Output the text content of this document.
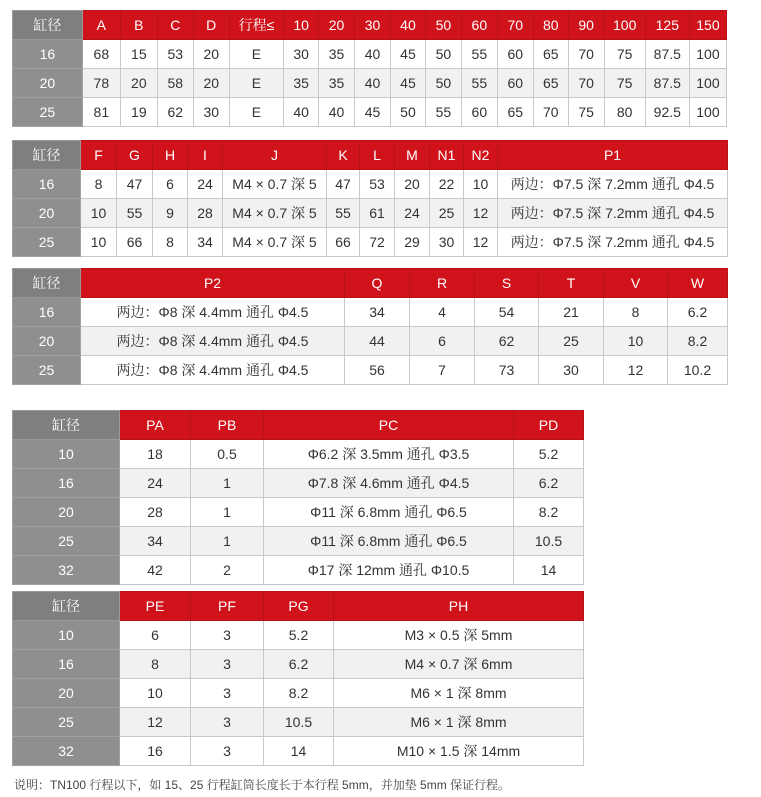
缸径	A	B	C	D	行程≤	10	20	30	40	50	60	70	80	90	100	125	150
16	68	15	53	20	E	30	35	40	45	50	55	60	65	70	75	87.5	100
20	78	20	58	20	E	35	35	40	45	50	55	60	65	70	75	87.5	100
25	81	19	62	30	E	40	40	45	50	55	60	65	70	75	80	92.5	100
缸径	F	G	H	I	J	K	L	M	N1	N2	P1
16	8	47	6	24	M4 × 0.7 深 5	47	53	20	22	10	两边：Φ7.5 深 7.2mm 通孔 Φ4.5
20	10	55	9	28	M4 × 0.7 深 5	55	61	24	25	12	两边：Φ7.5 深 7.2mm 通孔 Φ4.5
25	10	66	8	34	M4 × 0.7 深 5	66	72	29	30	12	两边：Φ7.5 深 7.2mm 通孔 Φ4.5
缸径	P2	Q	R	S	T	V	W
16	两边：Φ8 深 4.4mm 通孔 Φ4.5	34	4	54	21	8	6.2
20	两边：Φ8 深 4.4mm 通孔 Φ4.5	44	6	62	25	10	8.2
25	两边：Φ8 深 4.4mm 通孔 Φ4.5	56	7	73	30	12	10.2
缸径	PA	PB	PC	PD
10	18	0.5	Φ6.2 深 3.5mm 通孔 Φ3.5	5.2
16	24	1	Φ7.8 深 4.6mm 通孔 Φ4.5	6.2
20	28	1	Φ11 深 6.8mm 通孔 Φ6.5	8.2
25	34	1	Φ11 深 6.8mm 通孔 Φ6.5	10.5
32	42	2	Φ17 深 12mm 通孔 Φ10.5	14
缸径	PE	PF	PG	PH
10	6	3	5.2	M3 × 0.5 深 5mm
16	8	3	6.2	M4 × 0.7 深 6mm
20	10	3	8.2	M6 × 1 深 8mm
25	12	3	10.5	M6 × 1 深 8mm
32	16	3	14	M10 × 1.5 深 14mm
说明：TN100 行程以下，如 15、25 行程缸筒长度长于本行程 5mm，并加垫 5mm 保证行程。
